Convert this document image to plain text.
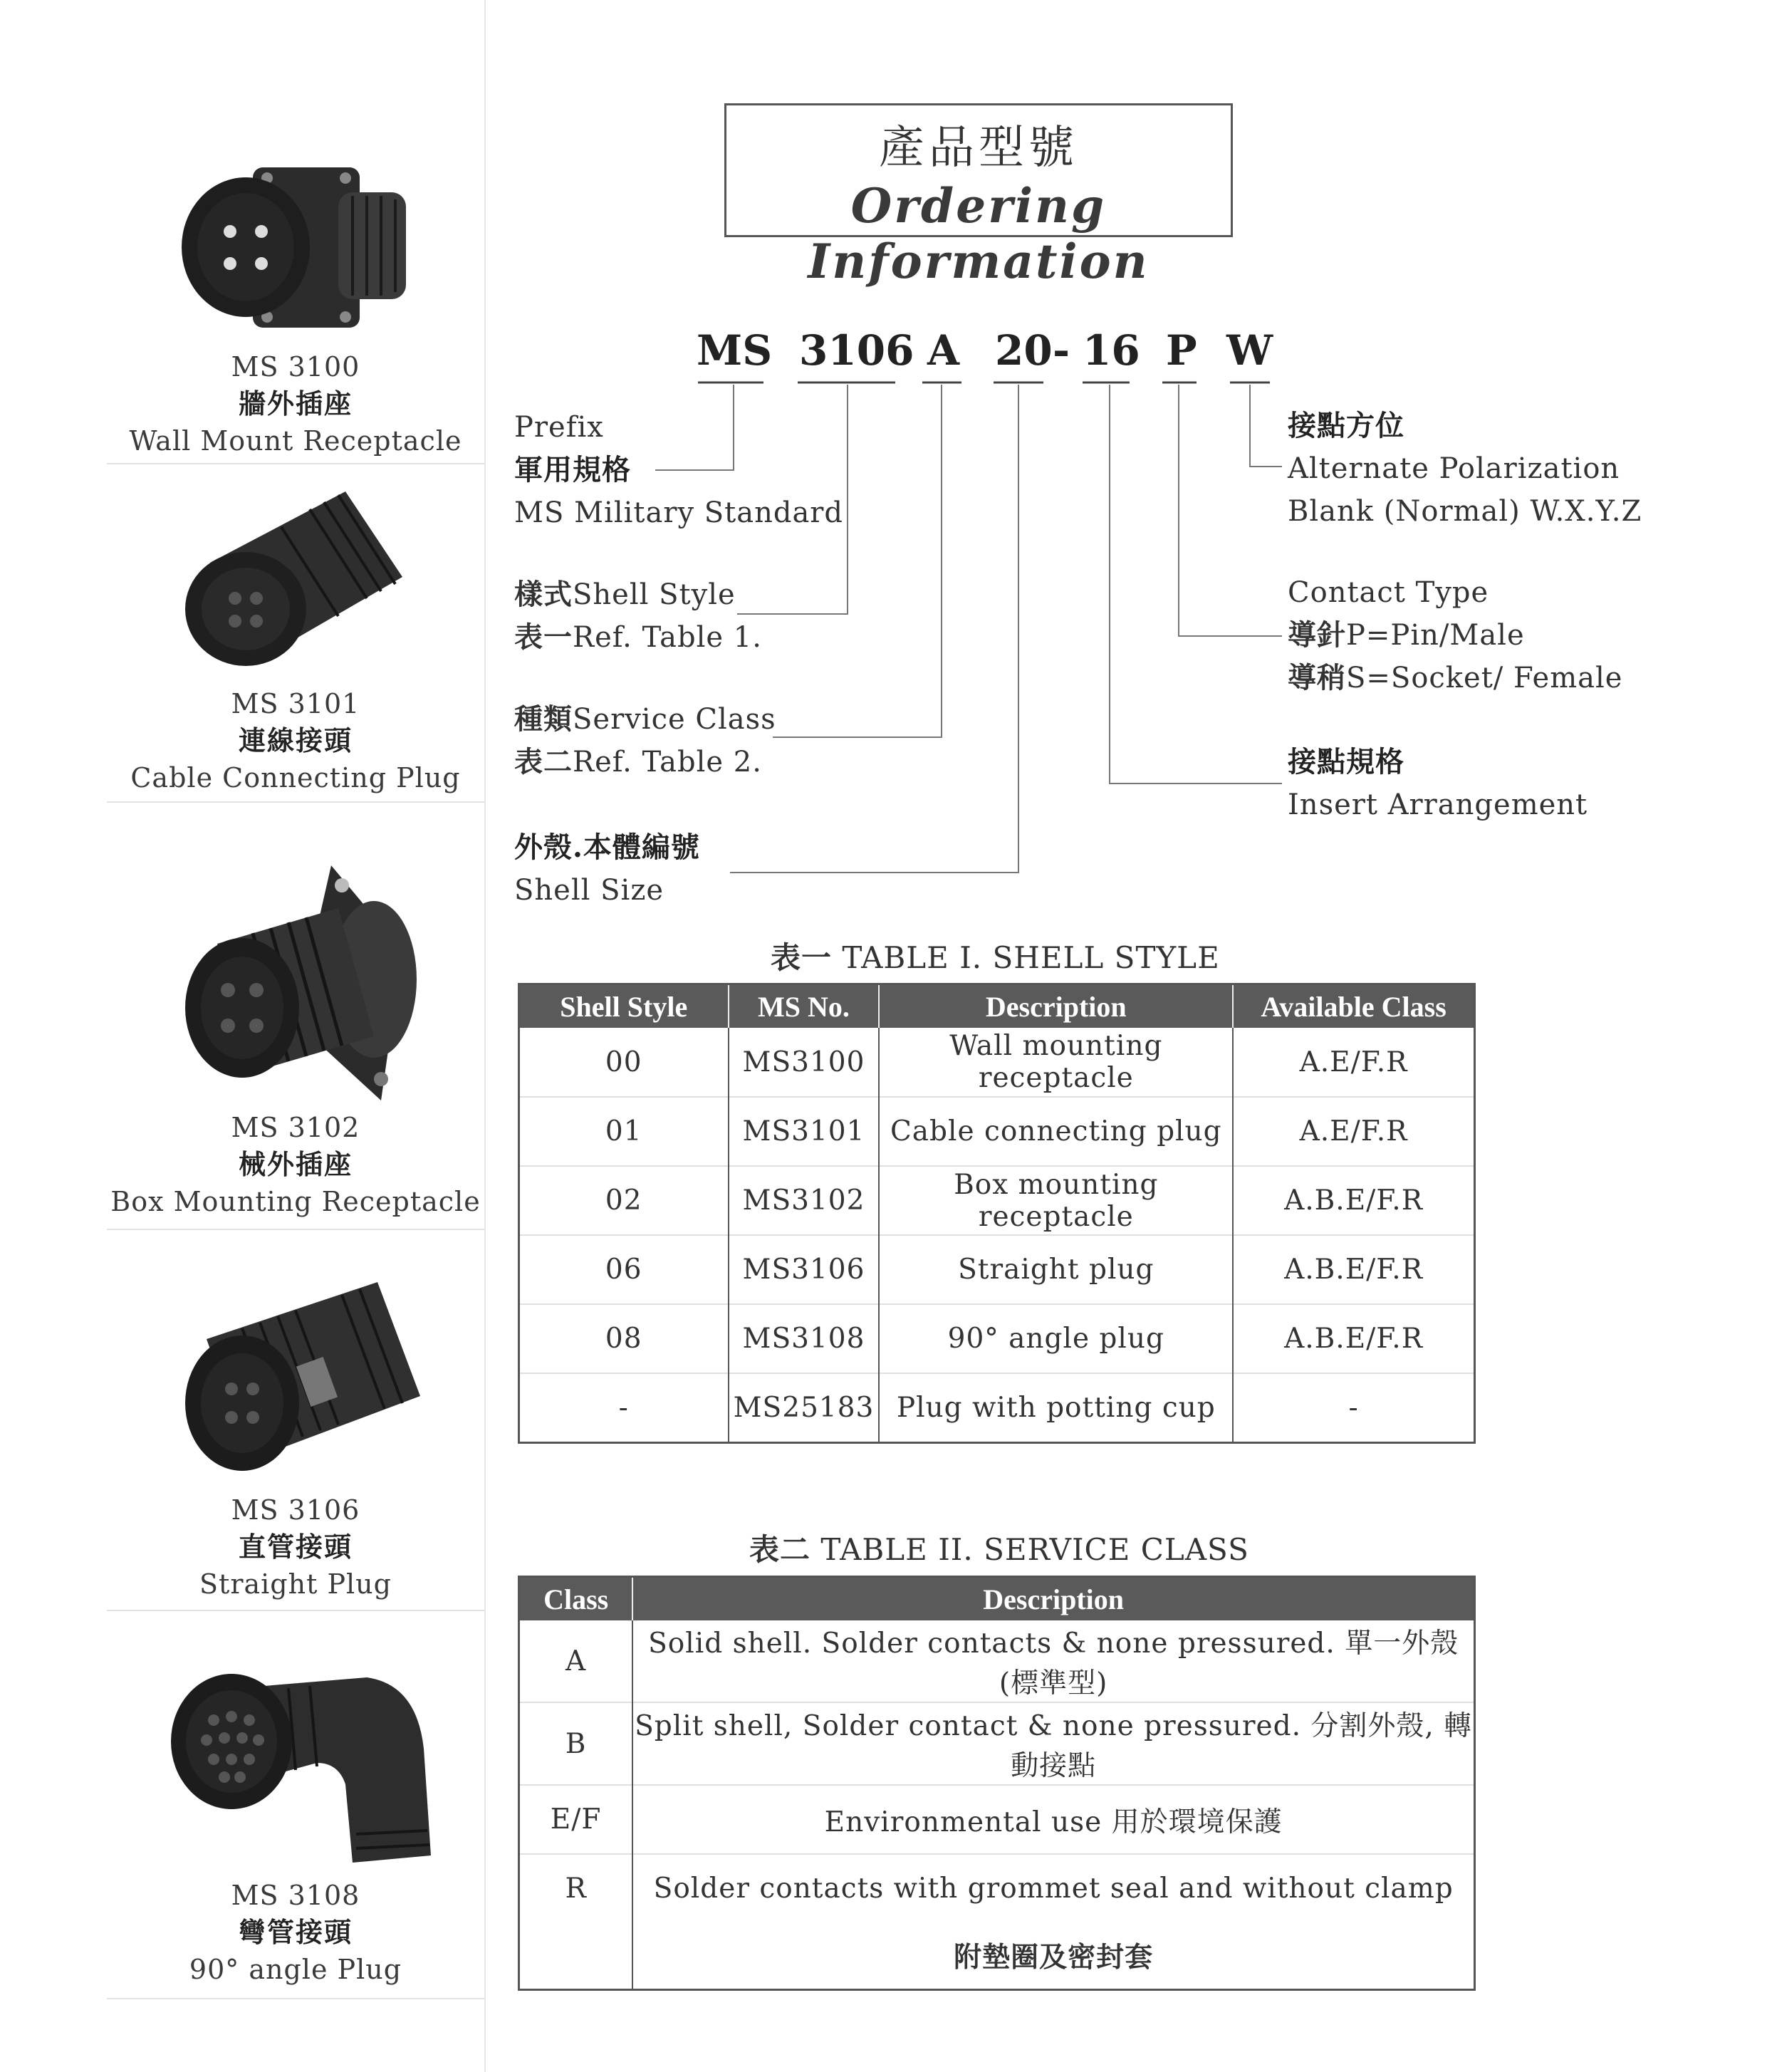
MS 3100
牆外插座
Wall Mount Receptacle
MS 3101
連線接頭
Cable Connecting Plug
MS 3102
械外插座
Box Mounting Receptacle
MS 3106
直管接頭
Straight Plug
MS 3108
彎管接頭
90° angle Plug
產品型號
Ordering Information
MS 3106 A 20 - 16 P W
Prefix
軍用規格
MS Military Standard
樣式Shell Style
表一Ref. Table 1.
種類Service Class
表二Ref. Table 2.
外殼.本體編號
Shell Size
接點方位
Alternate Polarization
Blank (Normal) W.X.Y.Z
Contact Type
導針P=Pin/Male
導稍S=Socket/ Female
接點規格
Insert Arrangement
表一 TABLE I. SHELL STYLE
Shell Style	MS No.	Description	Available Class
00	MS3100	Wall mounting receptacle	A.E/F.R
01	MS3101	Cable connecting plug	A.E/F.R
02	MS3102	Box mounting receptacle	A.B.E/F.R
06	MS3106	Straight plug	A.B.E/F.R
08	MS3108	90° angle plug	A.B.E/F.R
-	MS25183	Plug with potting cup	-
表二 TABLE II. SERVICE CLASS
Class	Description
A	Solid shell. Solder contacts & none pressured. 單一外殼(標準型)
B	Split shell, Solder contact & none pressured. 分割外殼, 轉動接點
E/F	Environmental use 用於環境保護
R	Solder contacts with grommet seal and without clamp
	附墊圈及密封套
